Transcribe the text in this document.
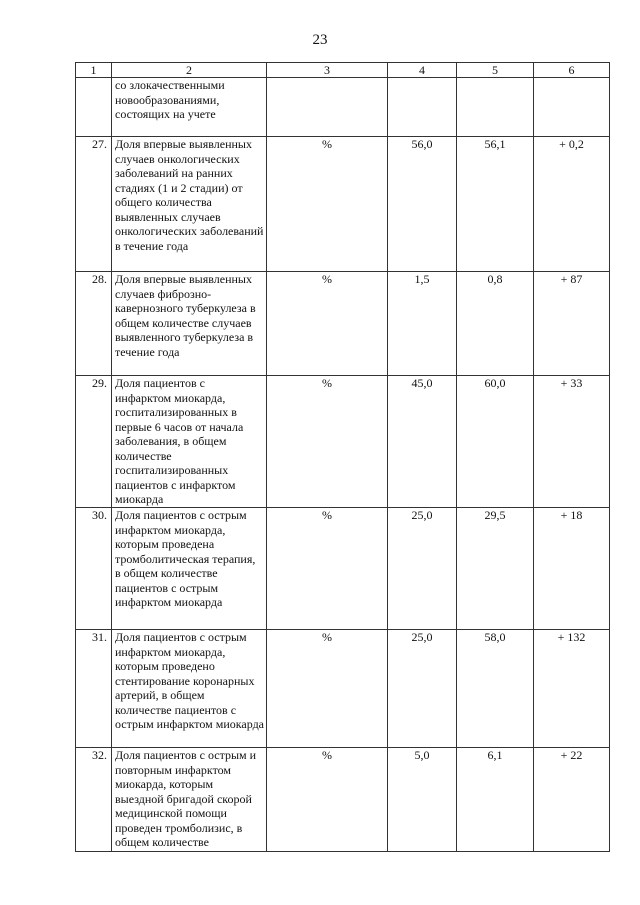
23
1	2	3	4	5	6
	со злокачественными новообразованиями, состоящих на учете				
27.	Доля впервые выявленных случаев онкологических заболеваний на ранних стадиях (1 и 2 стадии) от общего количества выявленных случаев онкологических заболеваний в течение года	%	56,0	56,1	+ 0,2
28.	Доля впервые выявленных случаев фиброзно-кавернозного туберкулеза в общем количестве случаев выявленного туберкулеза в течение года	%	1,5	0,8	+ 87
29.	Доля пациентов с инфарктом миокарда, госпитализированных в первые 6 часов от начала заболевания, в общем количестве госпитализированных пациентов с инфарктом миокарда	%	45,0	60,0	+ 33
30.	Доля пациентов с острым инфарктом миокарда, которым проведена тромболитическая терапия, в общем количестве пациентов с острым инфарктом миокарда	%	25,0	29,5	+ 18
31.	Доля пациентов с острым инфарктом миокарда, которым проведено стентирование коронарных артерий, в общем количестве пациентов с острым инфарктом миокарда	%	25,0	58,0	+ 132
32.	Доля пациентов с острым и повторным инфарктом миокарда, которым выездной бригадой скорой медицинской помощи проведен тромболизис, в общем количестве	%	5,0	6,1	+ 22
